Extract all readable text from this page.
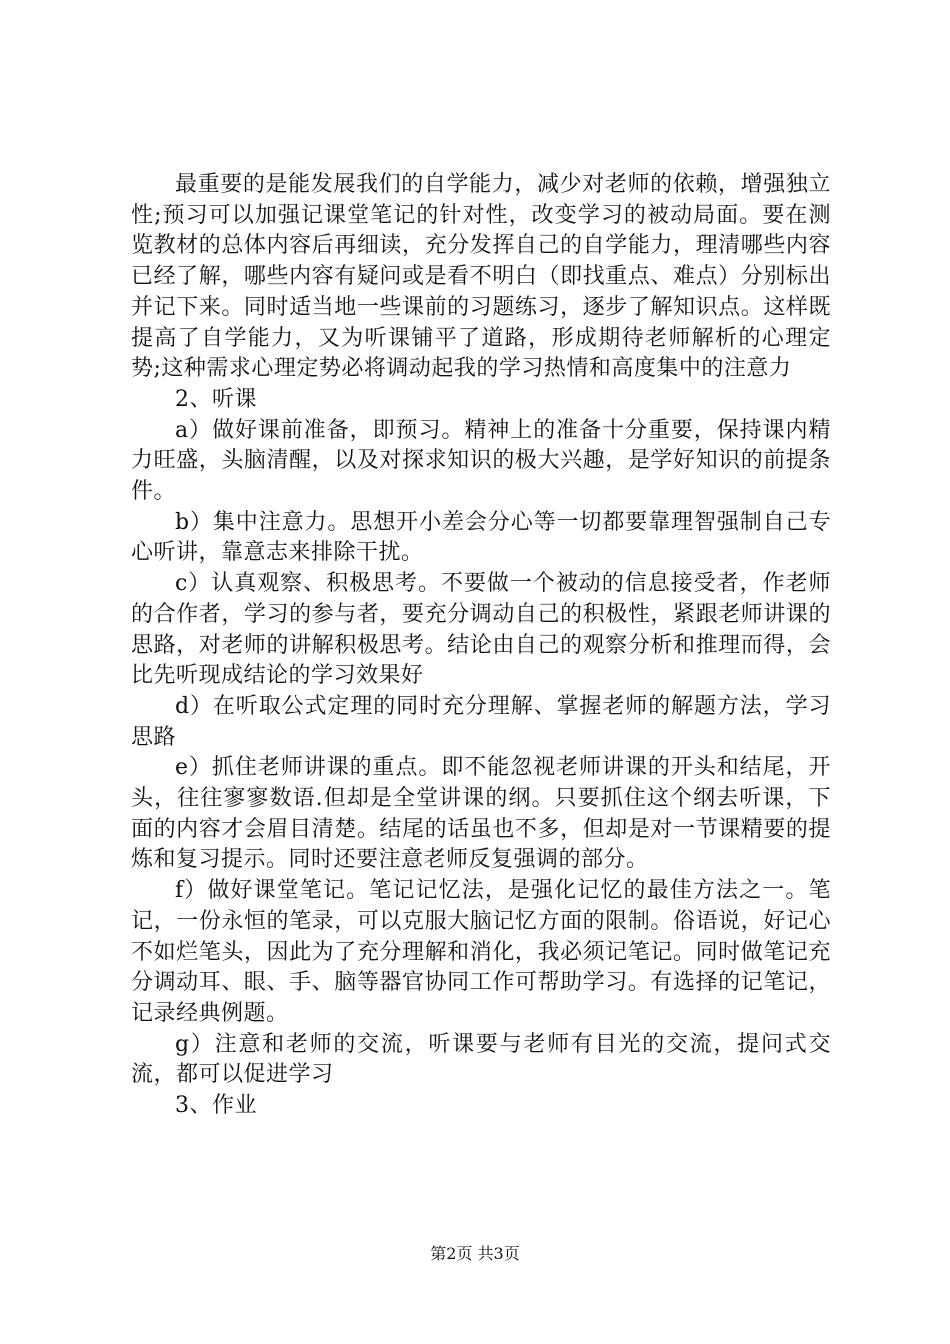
最重要的是能发展我们的自学能力，减少对老师的依赖，增强独立性;预习可以加强记课堂笔记的针对性，改变学习的被动局面。要在测览教材的总体内容后再细读，充分发挥自己的自学能力，理清哪些内容已经了解，哪些内容有疑问或是看不明白（即找重点、难点）分别标出并记下来。同时适当地一些课前的习题练习，逐步了解知识点。这样既提高了自学能力，又为听课铺平了道路，形成期待老师解析的心理定势;这种需求心理定势必将调动起我的学习热情和高度集中的注意力

2、听课

a）做好课前准备，即预习。精神上的准备十分重要，保持课内精力旺盛，头脑清醒，以及对探求知识的极大兴趣，是学好知识的前提条件。

b）集中注意力。思想开小差会分心等一切都要靠理智强制自己专心听讲，靠意志来排除干扰。

c）认真观察、积极思考。不要做一个被动的信息接受者，作老师的合作者，学习的参与者，要充分调动自己的积极性，紧跟老师讲课的思路，对老师的讲解积极思考。结论由自己的观察分析和推理而得，会比先听现成结论的学习效果好

d）在听取公式定理的同时充分理解、掌握老师的解题方法，学习思路

e）抓住老师讲课的重点。即不能忽视老师讲课的开头和结尾，开头，往往寥寥数语.但却是全堂讲课的纲。只要抓住这个纲去听课，下面的内容才会眉目清楚。结尾的话虽也不多，但却是对一节课精要的提炼和复习提示。同时还要注意老师反复强调的部分。

f）做好课堂笔记。笔记记忆法，是强化记忆的最佳方法之一。笔记，一份永恒的笔录，可以克服大脑记忆方面的限制。俗语说，好记心不如烂笔头，因此为了充分理解和消化，我必须记笔记。同时做笔记充分调动耳、眼、手、脑等器官协同工作可帮助学习。有选择的记笔记，记录经典例题。

g）注意和老师的交流，听课要与老师有目光的交流，提问式交流，都可以促进学习

3、作业

第2页 共3页
